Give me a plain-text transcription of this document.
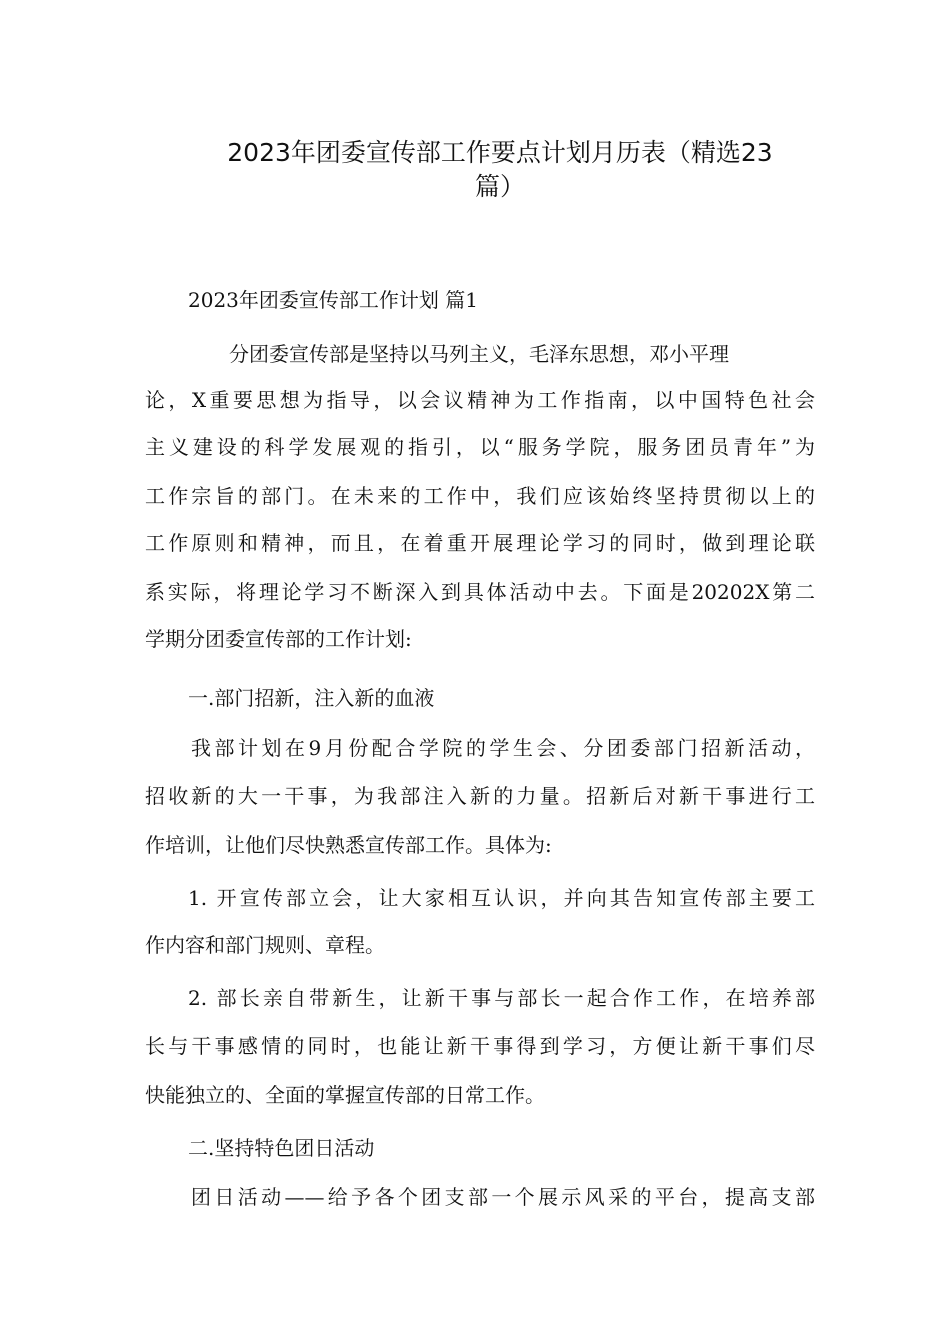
2023年团委宣传部工作要点计划月历表（精选23
篇）
2023年团委宣传部工作计划 篇1
分团委宣传部是坚持以马列主义，毛泽东思想，邓小平理
论，X重要思想为指导，以会议精神为工作指南，以中国特色社会
主义建设的科学发展观的指引，以“服务学院，服务团员青年”为
工作宗旨的部门。在未来的工作中，我们应该始终坚持贯彻以上的
工作原则和精神，而且，在着重开展理论学习的同时，做到理论联
系实际，将理论学习不断深入到具体活动中去。下面是20202X第二
学期分团委宣传部的工作计划:
一.部门招新，注入新的血液
我部计划在9月份配合学院的学生会、分团委部门招新活动，
招收新的大一干事，为我部注入新的力量。招新后对新干事进行工
作培训，让他们尽快熟悉宣传部工作。具体为:
1. 开宣传部立会，让大家相互认识，并向其告知宣传部主要工
作内容和部门规则、章程。
2. 部长亲自带新生，让新干事与部长一起合作工作，在培养部
长与干事感情的同时，也能让新干事得到学习，方便让新干事们尽
快能独立的、全面的掌握宣传部的日常工作。
二.坚持特色团日活动
团日活动——给予各个团支部一个展示风采的平台，提高支部
